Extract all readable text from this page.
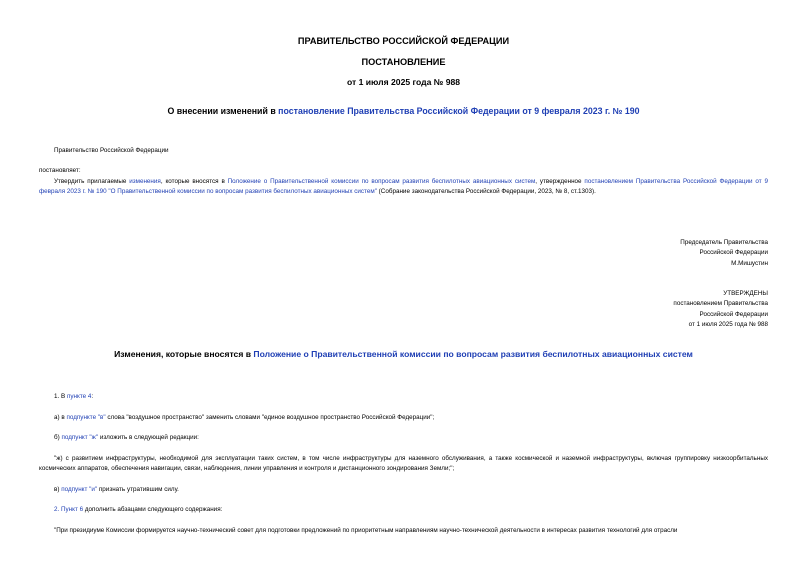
ПРАВИТЕЛЬСТВО РОССИЙСКОЙ ФЕДЕРАЦИИ
ПОСТАНОВЛЕНИЕ
от 1 июля 2025 года № 988
О внесении изменений в постановление Правительства Российской Федерации от 9 февраля 2023 г. № 190
Правительство Российской Федерации
постановляет:
Утвердить прилагаемые изменения, которые вносятся в Положение о Правительственной комиссии по вопросам развития беспилотных авиационных систем, утвержденное постановлением Правительства Российской Федерации от 9 февраля 2023 г. № 190 "О Правительственной комиссии по вопросам развития беспилотных авиационных систем" (Собрание законодательства Российской Федерации, 2023, № 8, ст.1303).
Председатель Правительства
Российской Федерации
М.Мишустин
УТВЕРЖДЕНЫ
постановлением Правительства
Российской Федерации
от 1 июля 2025 года № 988
Изменения, которые вносятся в Положение о Правительственной комиссии по вопросам развития беспилотных авиационных систем
1. В пункте 4:
а) в подпункте "в" слова "воздушное пространство" заменить словами "единое воздушное пространство Российской Федерации";
б) подпункт "ж" изложить в следующей редакции:
"ж) с развитием инфраструктуры, необходимой для эксплуатации таких систем, в том числе инфраструктуры для наземного обслуживания, а также космической и наземной инфраструктуры, включая группировку низкоорбитальных космических аппаратов, обеспечения навигации, связи, наблюдения, линии управления и контроля и дистанционного зондирования Земли;";
в) подпункт "и" признать утратившим силу.
2. Пункт 6 дополнить абзацами следующего содержания:
"При президиуме Комиссии формируется научно-технический совет для подготовки предложений по приоритетным направлениям научно-технической деятельности в интересах развития технологий для отрасли
